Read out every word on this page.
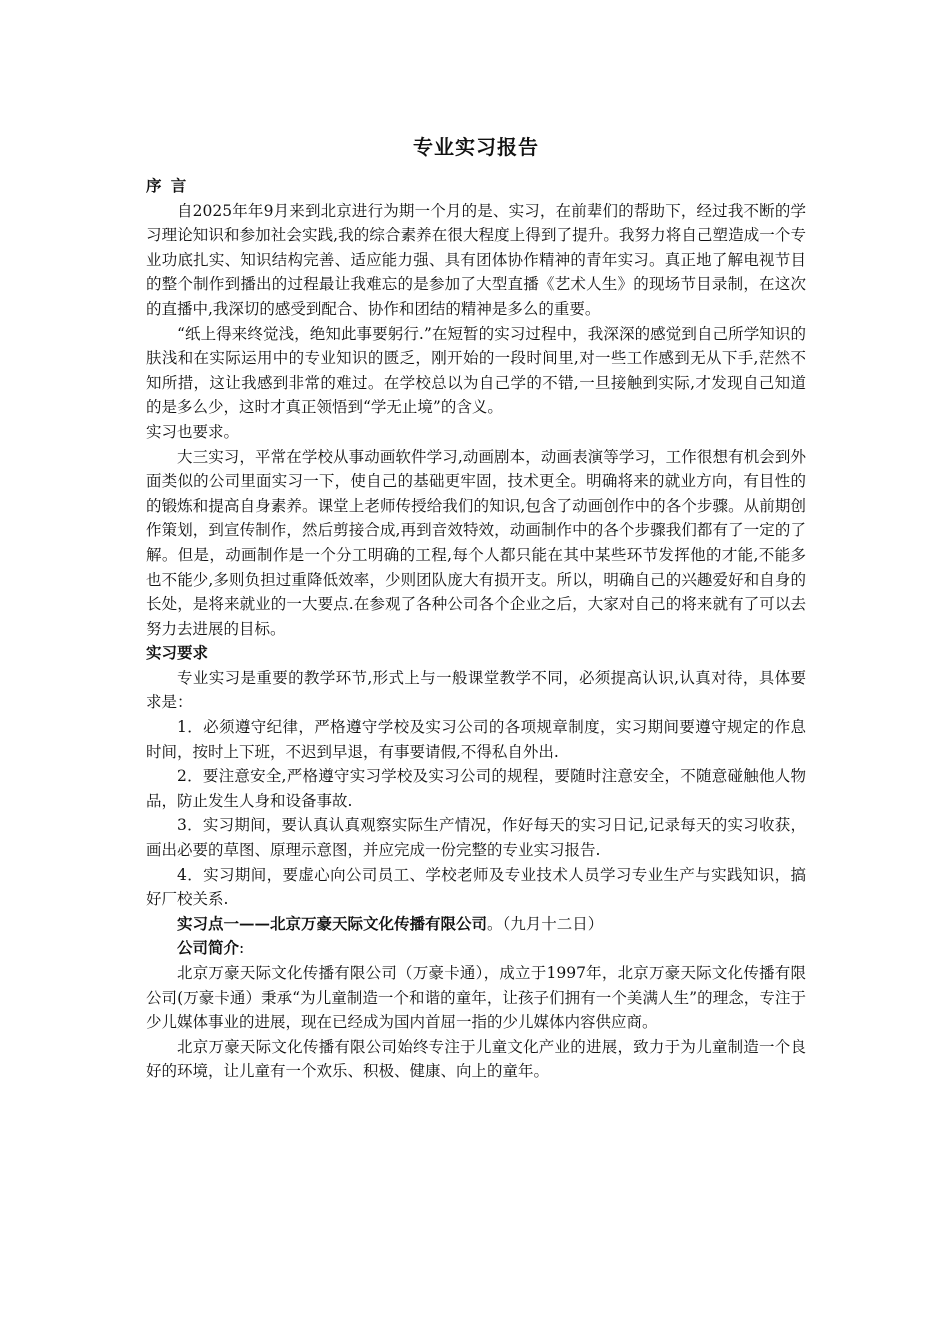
专业实习报告

序言

自2025年年9月来到北京进行为期一个月的是、实习，在前辈们的帮助下，经过我不断的学习理论知识和参加社会实践,我的综合素养在很大程度上得到了提升。我努力将自己塑造成一个专业功底扎实、知识结构完善、适应能力强、具有团体协作精神的青年实习。真正地了解电视节目的整个制作到播出的过程最让我难忘的是参加了大型直播《艺术人生》的现场节目录制，在这次的直播中,我深切的感受到配合、协作和团结的精神是多么的重要。

“纸上得来终觉浅，绝知此事要躬行.”在短暂的实习过程中，我深深的感觉到自己所学知识的肤浅和在实际运用中的专业知识的匮乏，刚开始的一段时间里,对一些工作感到无从下手,茫然不知所措，这让我感到非常的难过。在学校总以为自己学的不错,一旦接触到实际,才发现自己知道的是多么少，这时才真正领悟到“学无止境”的含义。

实习也要求。

大三实习，平常在学校从事动画软件学习,动画剧本，动画表演等学习，工作很想有机会到外面类似的公司里面实习一下，使自己的基础更牢固，技术更全。明确将来的就业方向，有目性的的锻炼和提高自身素养。课堂上老师传授给我们的知识,包含了动画创作中的各个步骤。从前期创作策划，到宣传制作，然后剪接合成,再到音效特效，动画制作中的各个步骤我们都有了一定的了解。但是，动画制作是一个分工明确的工程,每个人都只能在其中某些环节发挥他的才能,不能多也不能少,多则负担过重降低效率，少则团队庞大有损开支。所以，明确自己的兴趣爱好和自身的长处，是将来就业的一大要点.在参观了各种公司各个企业之后，大家对自己的将来就有了可以去努力去进展的目标。

实习要求

专业实习是重要的教学环节,形式上与一般课堂教学不同，必须提高认识,认真对待，具体要求是：

1．必须遵守纪律，严格遵守学校及实习公司的各项规章制度，实习期间要遵守规定的作息时间，按时上下班，不迟到早退，有事要请假,不得私自外出.

2．要注意安全,严格遵守实习学校及实习公司的规程，要随时注意安全，不随意碰触他人物品，防止发生人身和设备事故.

3．实习期间，要认真认真观察实际生产情况，作好每天的实习日记,记录每天的实习收获，画出必要的草图、原理示意图，并应完成一份完整的专业实习报告.

4．实习期间，要虚心向公司员工、学校老师及专业技术人员学习专业生产与实践知识，搞好厂校关系.

实习点一——北京万豪天际文化传播有限公司。（九月十二日）

公司简介:

北京万豪天际文化传播有限公司（万豪卡通），成立于1997年，北京万豪天际文化传播有限公司(万豪卡通）秉承“为儿童制造一个和谐的童年，让孩子们拥有一个美满人生”的理念，专注于少儿媒体事业的进展，现在已经成为国内首屈一指的少儿媒体内容供应商。

北京万豪天际文化传播有限公司始终专注于儿童文化产业的进展，致力于为儿童制造一个良好的环境，让儿童有一个欢乐、积极、健康、向上的童年。
